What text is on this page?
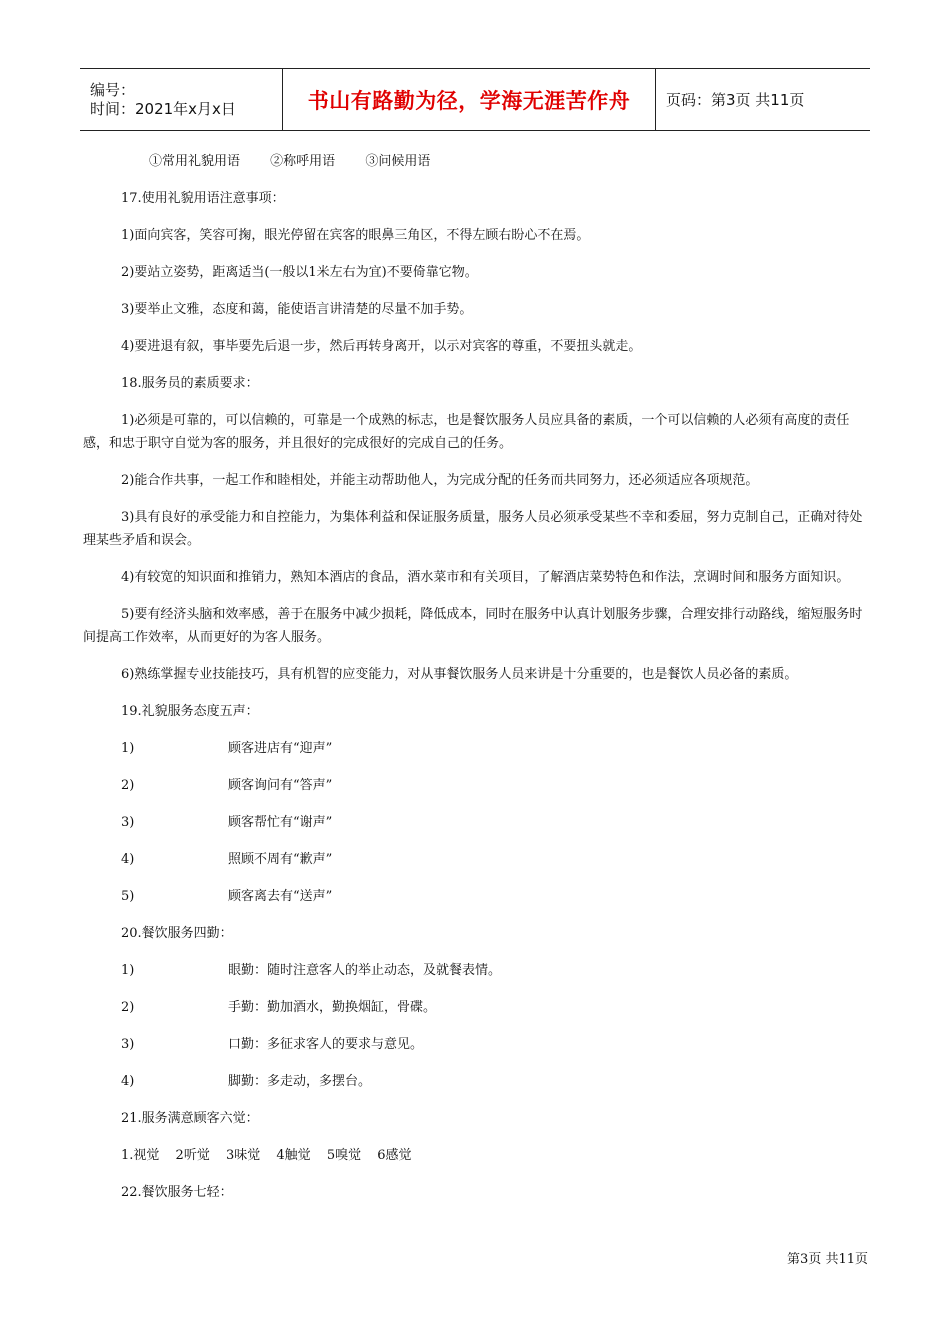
编号：
时间：2021年x月x日	书山有路勤为径，学海无涯苦作舟 页码：第3页 共11页
①常用礼貌用语 ②称呼用语 ③问候用语

17.使用礼貌用语注意事项：

1)面向宾客，笑容可掬，眼光停留在宾客的眼鼻三角区，不得左顾右盼心不在焉。

2)要站立姿势，距离适当(一般以1米左右为宜)不要倚靠它物。

3)要举止文雅，态度和蔼，能使语言讲清楚的尽量不加手势。

4)要进退有叙，事毕要先后退一步，然后再转身离开，以示对宾客的尊重，不要扭头就走。

18.服务员的素质要求：

1)必须是可靠的，可以信赖的，可靠是一个成熟的标志，也是餐饮服务人员应具备的素质，一个可以信赖的人必须有高度的责任感，和忠于职守自觉为客的服务，并且很好的完成很好的完成自己的任务。

2)能合作共事，一起工作和睦相处，并能主动帮助他人，为完成分配的任务而共同努力，还必须适应各项规范。

3)具有良好的承受能力和自控能力，为集体利益和保证服务质量，服务人员必须承受某些不幸和委屈，努力克制自己，正确对待处理某些矛盾和误会。

4)有较宽的知识面和推销力，熟知本酒店的食品，酒水菜市和有关项目，了解酒店菜势特色和作法，烹调时间和服务方面知识。

5)要有经济头脑和效率感，善于在服务中减少损耗，降低成本，同时在服务中认真计划服务步骤，合理安排行动路线，缩短服务时间提高工作效率，从而更好的为客人服务。

6)熟练掌握专业技能技巧，具有机智的应变能力，对从事餐饮服务人员来讲是十分重要的，也是餐饮人员必备的素质。

19.礼貌服务态度五声：

1)	顾客进店有“迎声”
2)	顾客询问有“答声”
3)	顾客帮忙有“谢声”
4)	照顾不周有“歉声”
5)	顾客离去有“送声”

20.餐饮服务四勤：

1)	眼勤：随时注意客人的举止动态，及就餐表情。
2)	手勤：勤加酒水，勤换烟缸，骨碟。
3)	口勤：多征求客人的要求与意见。
4)	脚勤：多走动，多摆台。

21.服务满意顾客六觉：

1.视觉 2听觉 3味觉 4触觉 5嗅觉 6感觉

22.餐饮服务七轻：

第3页 共11页
